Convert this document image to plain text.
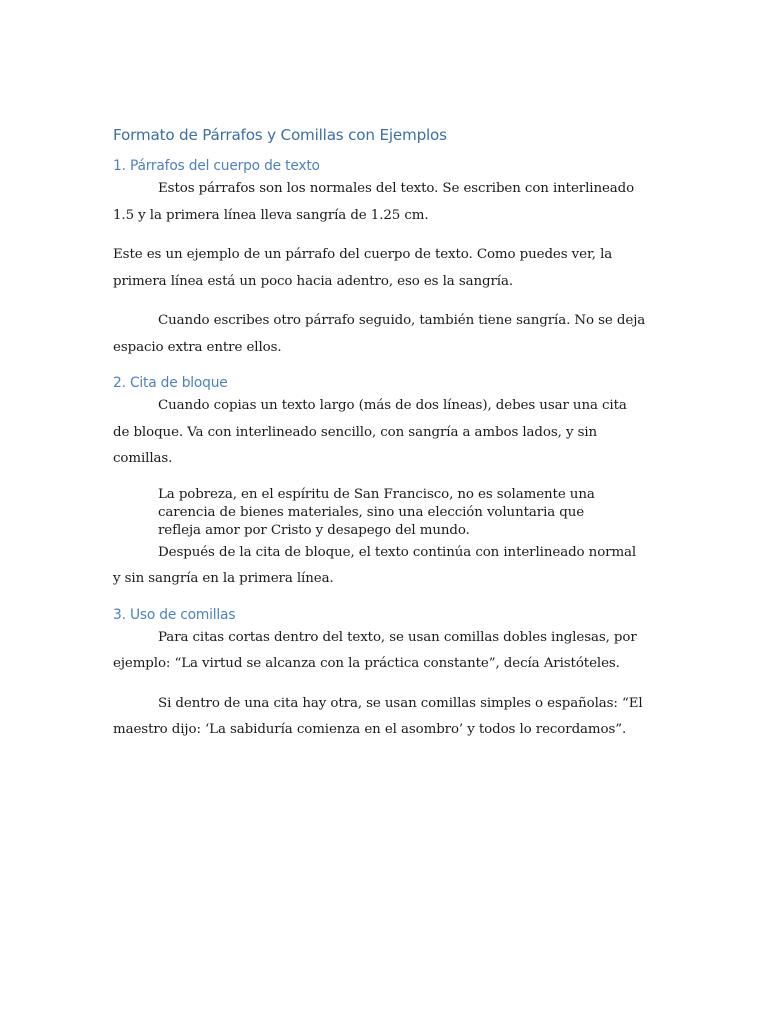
Formato de Párrafos y Comillas con Ejemplos
1. Párrafos del cuerpo de texto

Estos párrafos son los normales del texto. Se escriben con interlineado 1.5 y la primera línea lleva sangría de 1.25 cm.

Este es un ejemplo de un párrafo del cuerpo de texto. Como puedes ver, la primera línea está un poco hacia adentro, eso es la sangría.

Cuando escribes otro párrafo seguido, también tiene sangría. No se deja espacio extra entre ellos.

2. Cita de bloque

Cuando copias un texto largo (más de dos líneas), debes usar una cita de bloque. Va con interlineado sencillo, con sangría a ambos lados, y sin comillas.

La pobreza, en el espíritu de San Francisco, no es solamente una carencia de bienes materiales, sino una elección voluntaria que refleja amor por Cristo y desapego del mundo.

Después de la cita de bloque, el texto continúa con interlineado normal y sin sangría en la primera línea.

3. Uso de comillas

Para citas cortas dentro del texto, se usan comillas dobles inglesas, por ejemplo: “La virtud se alcanza con la práctica constante”, decía Aristóteles.

Si dentro de una cita hay otra, se usan comillas simples o españolas: “El maestro dijo: ‘La sabiduría comienza en el asombro’ y todos lo recordamos”.
